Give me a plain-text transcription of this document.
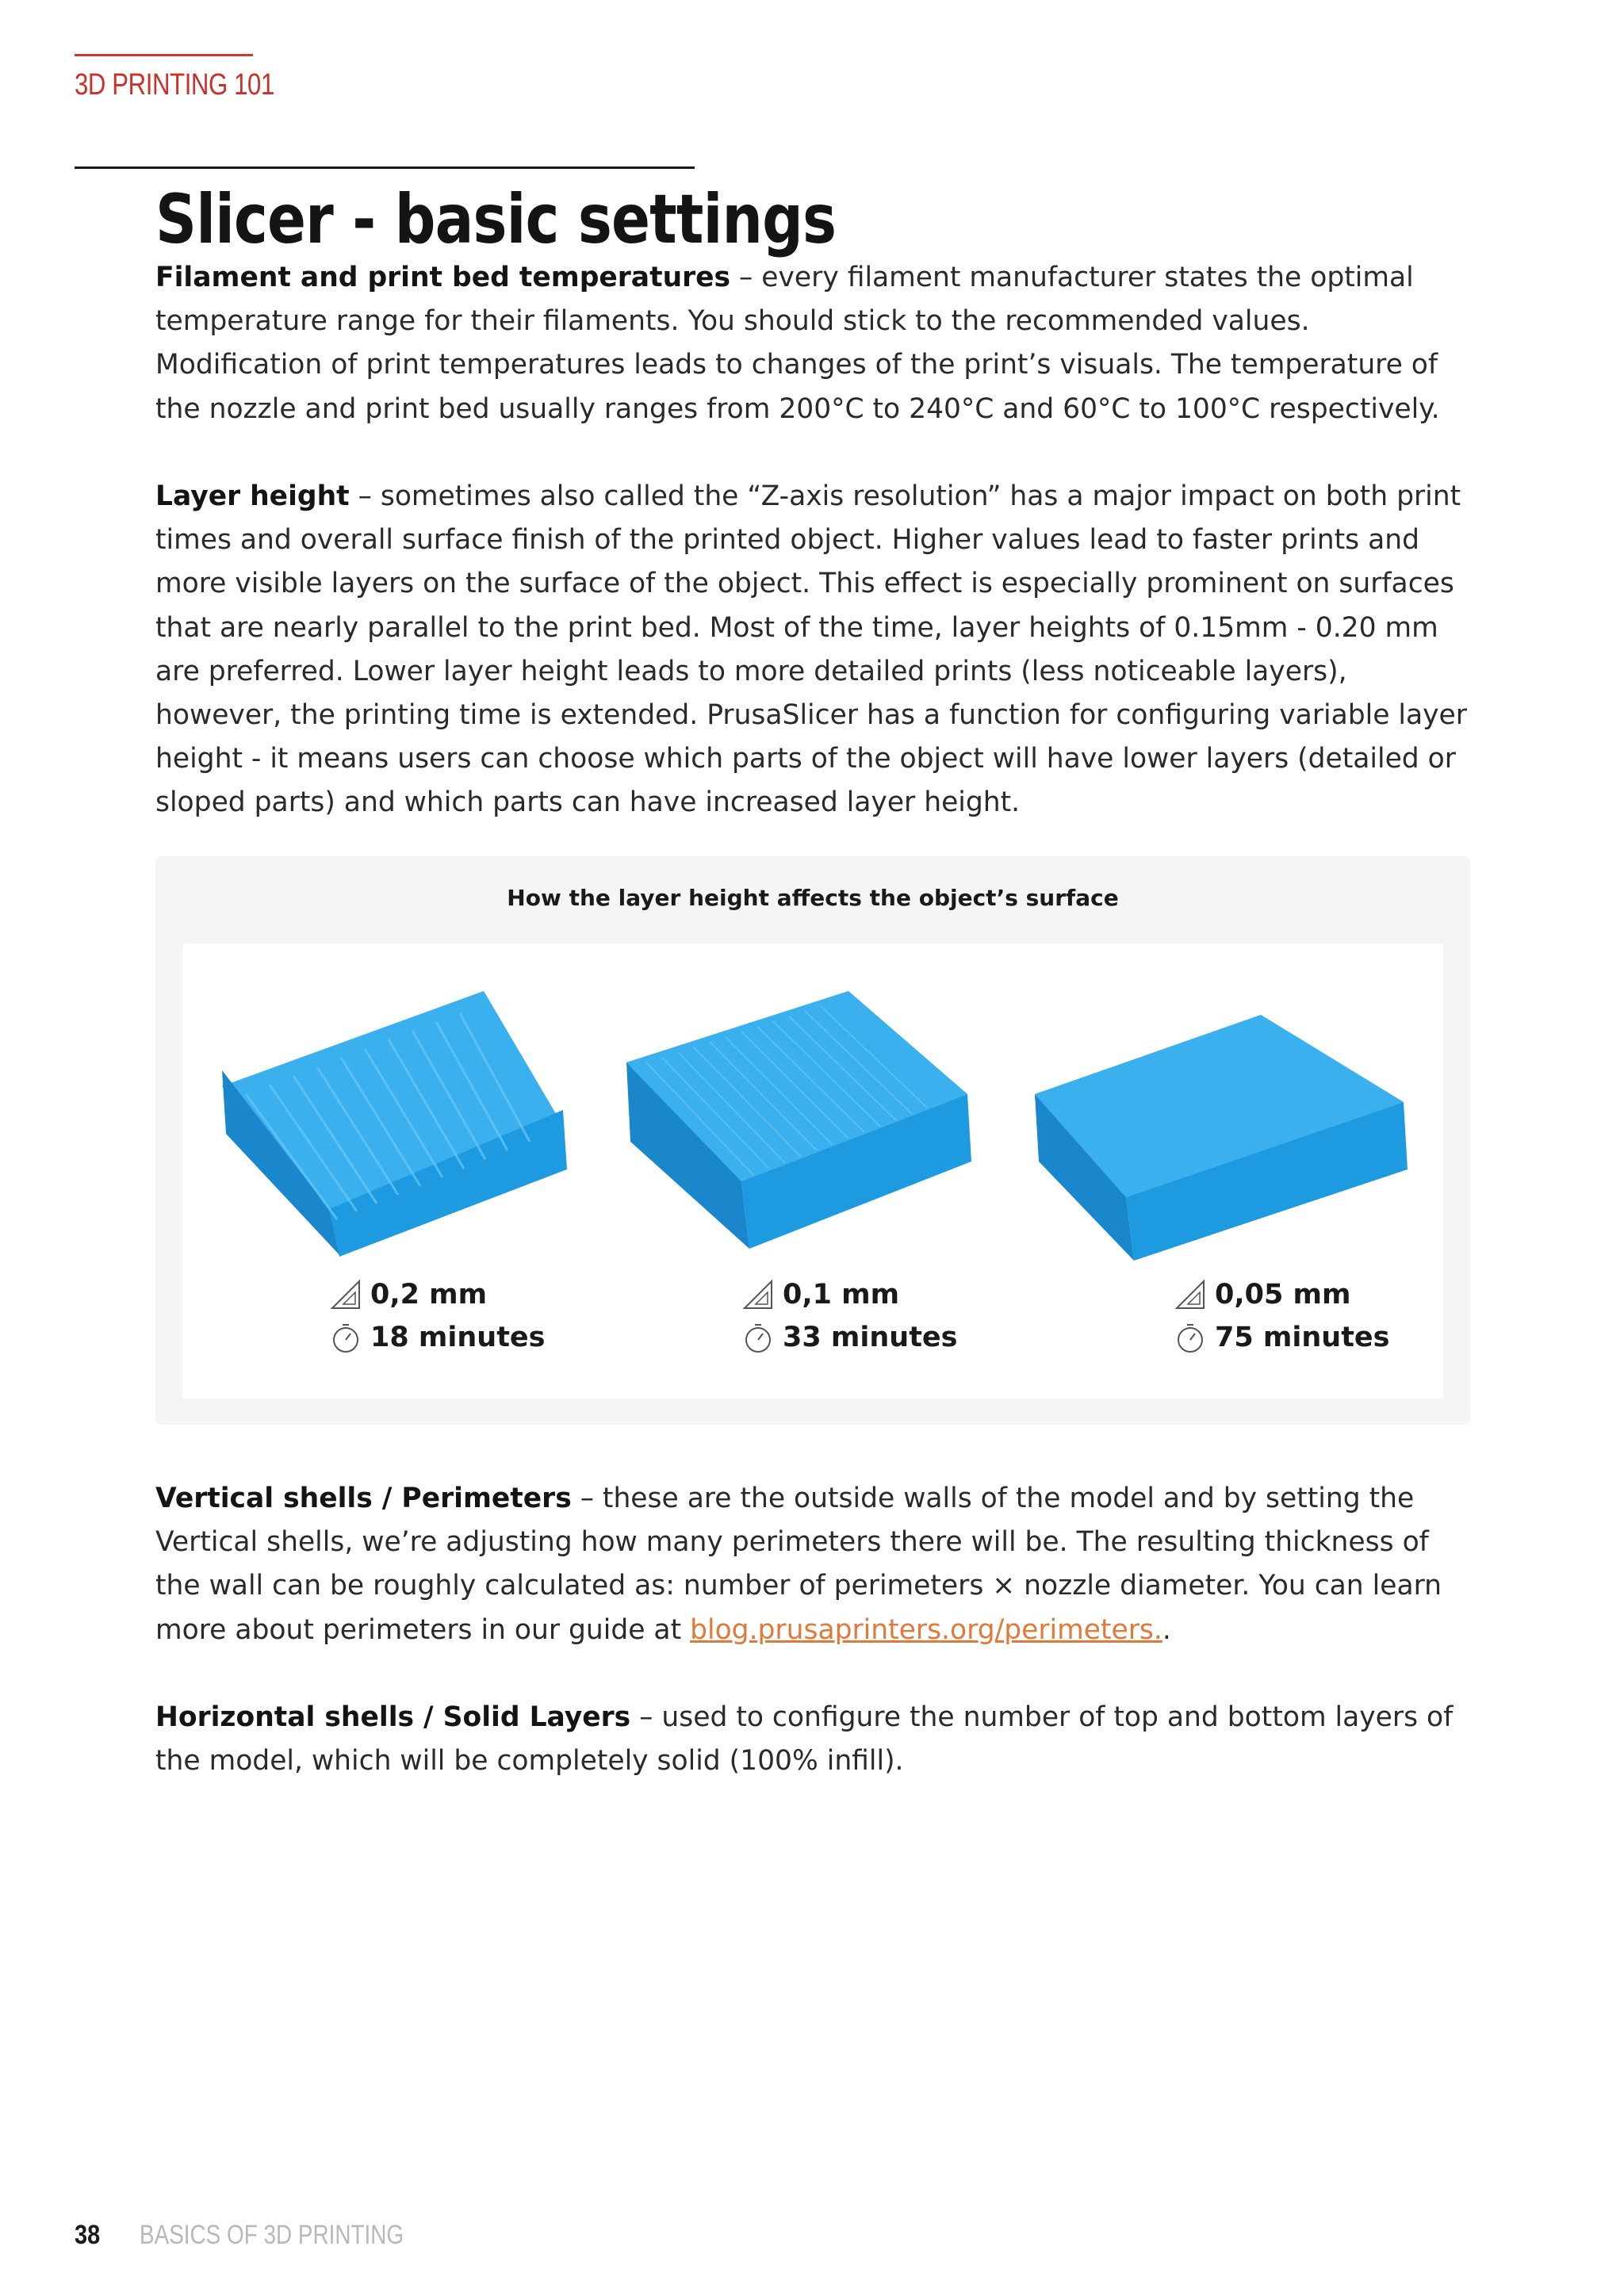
3D PRINTING 101
Slicer - basic settings

Filament and print bed temperatures – every filament manufacturer states the optimal temperature range for their filaments. You should stick to the recommended values. Modification of print temperatures leads to changes of the print’s visuals. The temperature of the nozzle and print bed usually ranges from 200°C to 240°C and 60°C to 100°C respectively.

Layer height – sometimes also called the “Z-axis resolution” has a major impact on both print times and overall surface finish of the printed object. Higher values lead to faster prints and more visible layers on the surface of the object. This effect is especially prominent on surfaces that are nearly parallel to the print bed. Most of the time, layer heights of 0.15mm - 0.20 mm are preferred. Lower layer height leads to more detailed prints (less noticeable layers), however, the printing time is extended. PrusaSlicer has a function for configuring variable layer height - it means users can choose which parts of the object will have lower layers (detailed or sloped parts) and which parts can have increased layer height.

How the layer height affects the object’s surface
0,2 mm
18 minutes
0,1 mm
33 minutes
0,05 mm
75 minutes

Vertical shells / Perimeters – these are the outside walls of the model and by setting the Vertical shells, we’re adjusting how many perimeters there will be. The resulting thickness of the wall can be roughly calculated as: number of perimeters × nozzle diameter. You can learn more about perimeters in our guide at blog.prusaprinters.org/perimeters..

Horizontal shells / Solid Layers – used to configure the number of top and bottom layers of the model, which will be completely solid (100% infill).

38 BASICS OF 3D PRINTING
